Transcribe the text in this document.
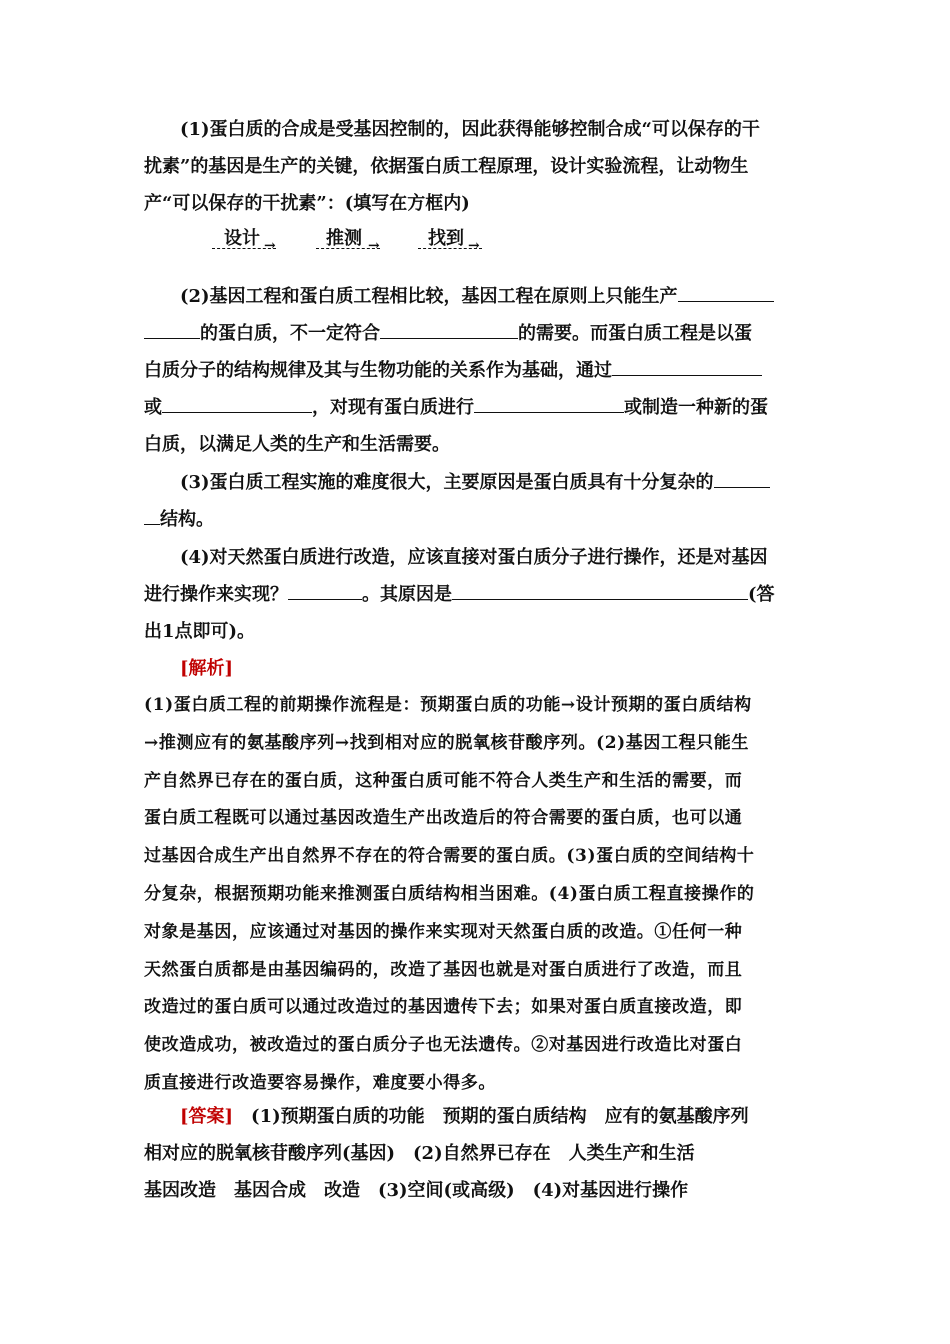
(1)蛋白质的合成是受基因控制的，因此获得能够控制合成“可以保存的干
扰素”的基因是生产的关键，依据蛋白质工程原理，设计实验流程，让动物生
产“可以保存的干扰素”：(填写在方框内)
设计 →	推测 →	找到 →
(2)基因工程和蛋白质工程相比较，基因工程在原则上只能生产
的蛋白质，不一定符合	的需要。而蛋白质工程是以蛋
白质分子的结构规律及其与生物功能的关系作为基础，通过
或	，对现有蛋白质进行	或制造一种新的蛋
白质，以满足人类的生产和生活需要。
(3)蛋白质工程实施的难度很大，主要原因是蛋白质具有十分复杂的
结构。
(4)对天然蛋白质进行改造，应该直接对蛋白质分子进行操作，还是对基因
进行操作来实现？	。其原因是	(答
出1点即可)。
[解析]
(1)蛋白质工程的前期操作流程是：预期蛋白质的功能→设计预期的蛋白质结构
→推测应有的氨基酸序列→找到相对应的脱氧核苷酸序列。(2)基因工程只能生
产自然界已存在的蛋白质，这种蛋白质可能不符合人类生产和生活的需要，而
蛋白质工程既可以通过基因改造生产出改造后的符合需要的蛋白质，也可以通
过基因合成生产出自然界不存在的符合需要的蛋白质。(3)蛋白质的空间结构十
分复杂，根据预期功能来推测蛋白质结构相当困难。(4)蛋白质工程直接操作的
对象是基因，应该通过对基因的操作来实现对天然蛋白质的改造。①任何一种
天然蛋白质都是由基因编码的，改造了基因也就是对蛋白质进行了改造，而且
改造过的蛋白质可以通过改造过的基因遗传下去；如果对蛋白质直接改造，即
使改造成功，被改造过的蛋白质分子也无法遗传。②对基因进行改造比对蛋白
质直接进行改造要容易操作，难度要小得多。
[答案]　 (1)预期蛋白质的功能　预期的蛋白质结构　应有的氨基酸序列
相对应的脱氧核苷酸序列(基因)　(2)自然界已存在　人类生产和生活
基因改造　基因合成　改造　(3)空间(或高级)　(4)对基因进行操作
